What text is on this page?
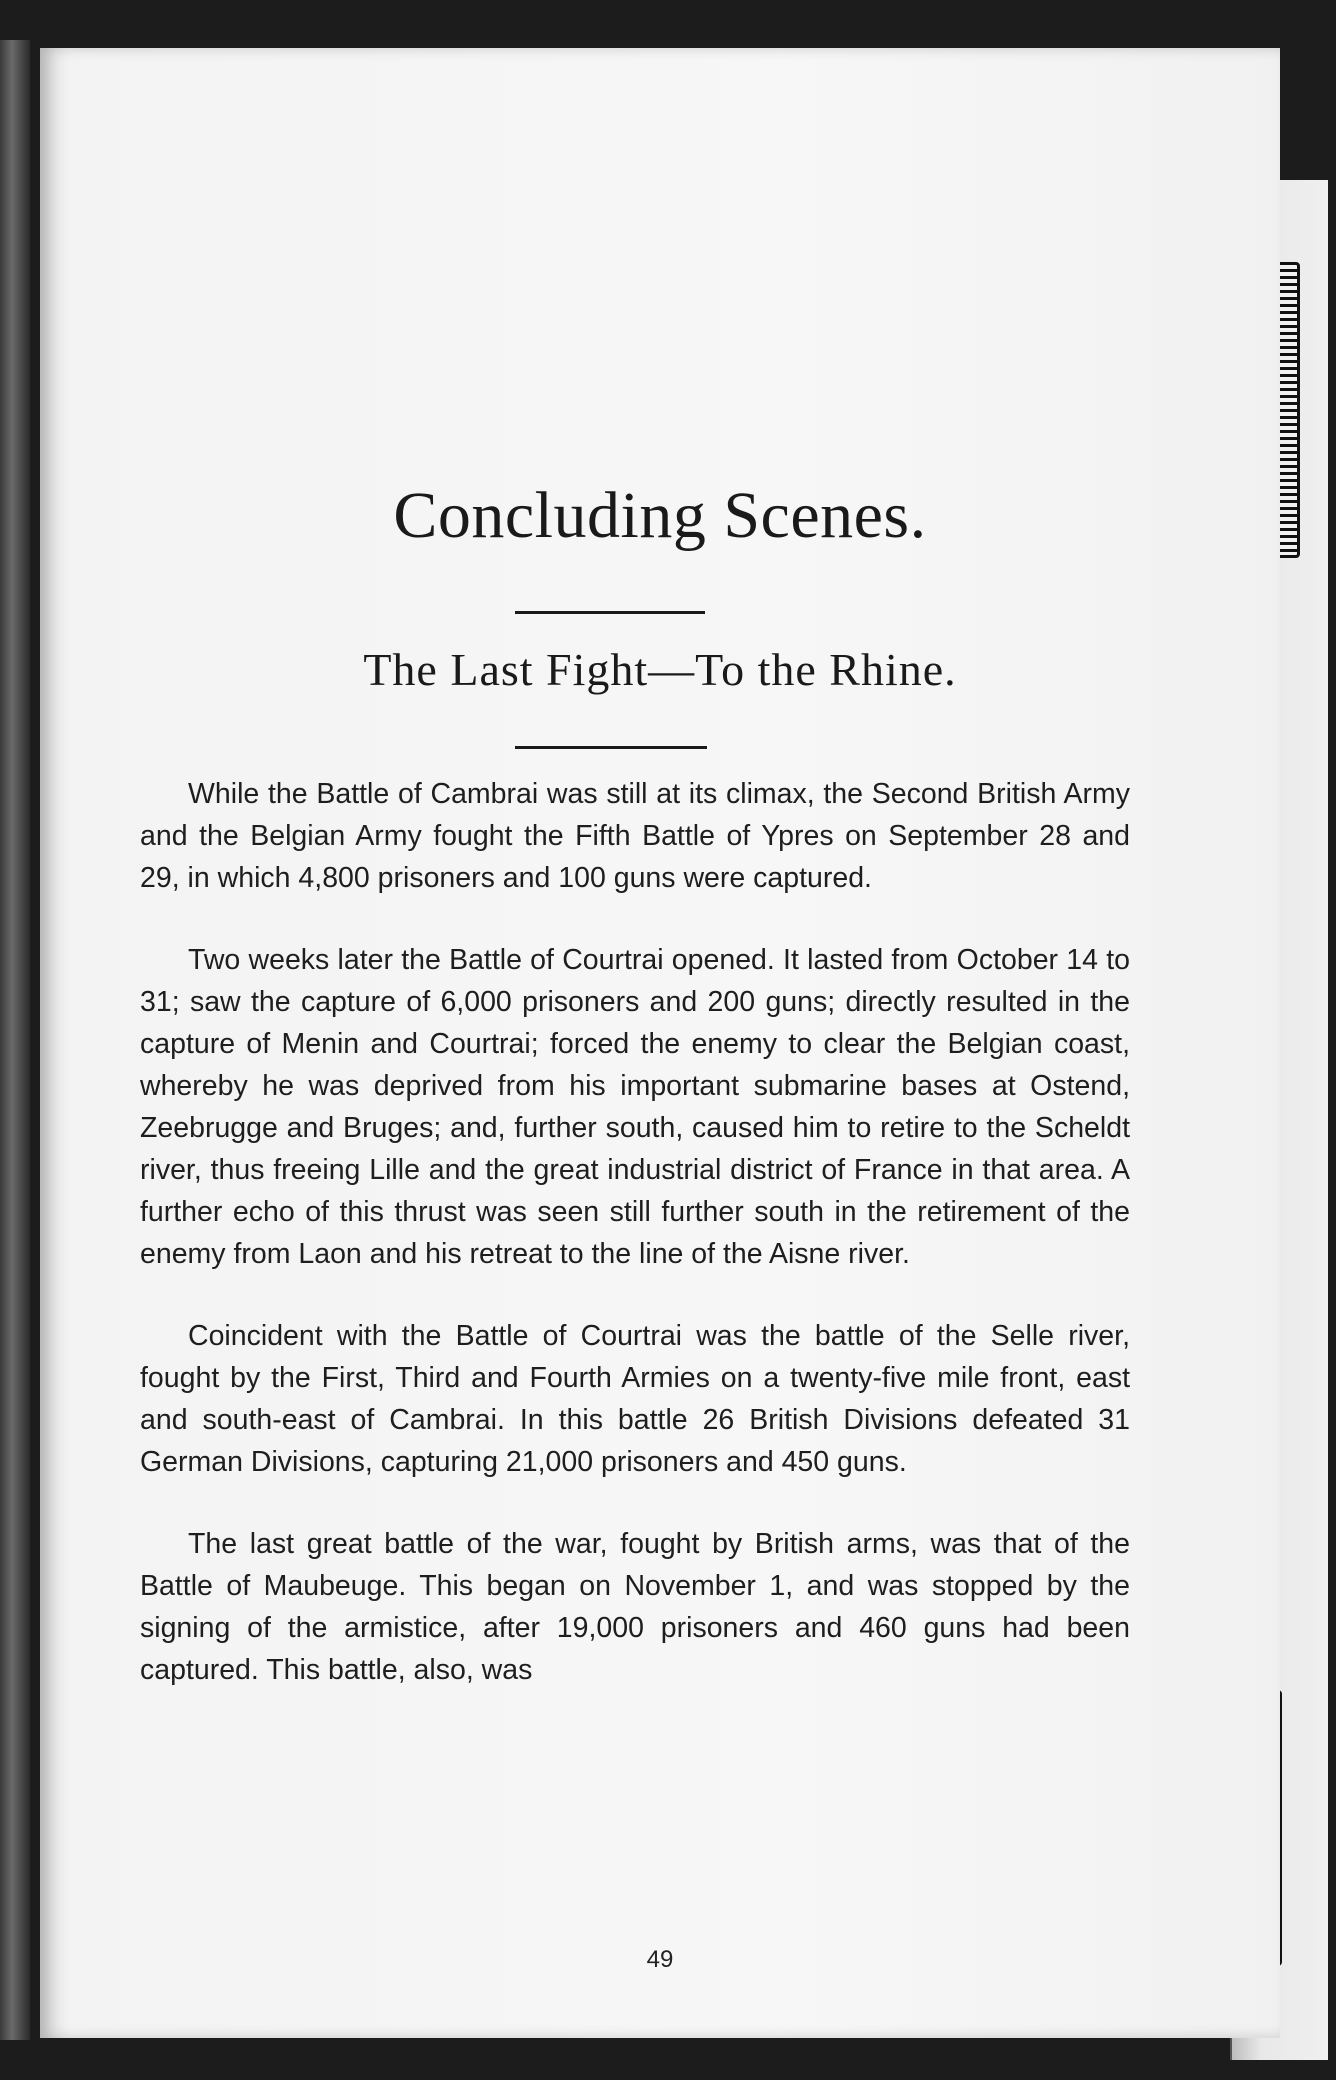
Concluding Scenes.
The Last Fight—To the Rhine.

While the Battle of Cambrai was still at its climax, the Second British Army and the Belgian Army fought the Fifth Battle of Ypres on September 28 and 29, in which 4,800 prisoners and 100 guns were captured.

Two weeks later the Battle of Courtrai opened. It lasted from October 14 to 31; saw the capture of 6,000 prisoners and 200 guns; directly resulted in the capture of Menin and Courtrai; forced the enemy to clear the Belgian coast, whereby he was deprived from his important submarine bases at Ostend, Zeebrugge and Bruges; and, further south, caused him to retire to the Scheldt river, thus freeing Lille and the great industrial district of France in that area. A further echo of this thrust was seen still further south in the retirement of the enemy from Laon and his retreat to the line of the Aisne river.

Coincident with the Battle of Courtrai was the battle of the Selle river, fought by the First, Third and Fourth Armies on a twenty-five mile front, east and south-east of Cambrai. In this battle 26 British Divisions defeated 31 German Divisions, capturing 21,000 prisoners and 450 guns.

The last great battle of the war, fought by British arms, was that of the Battle of Maubeuge. This began on November 1, and was stopped by the signing of the armistice, after 19,000 prisoners and 460 guns had been captured. This battle, also, was

49
